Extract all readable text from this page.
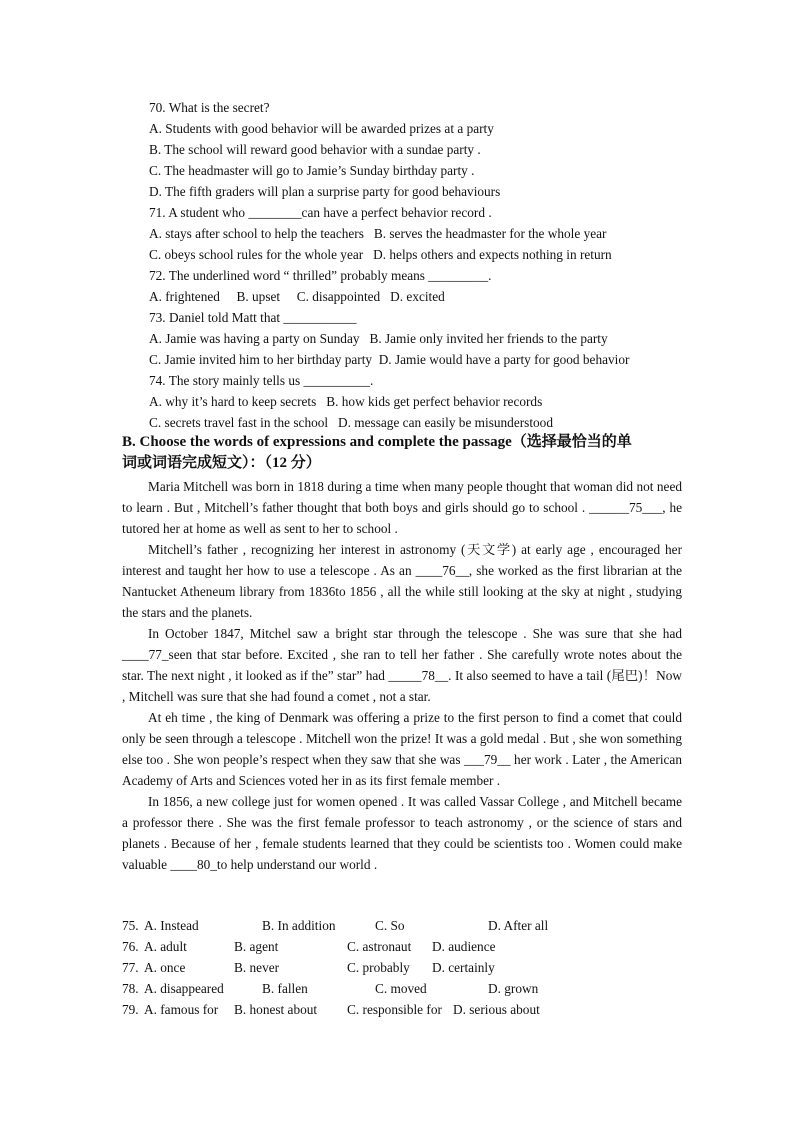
70. What is the secret?
A. Students with good behavior will be awarded prizes at a party
B. The school will reward good behavior with a sundae party .
C. The headmaster will go to Jamie’s Sunday birthday party .
D. The fifth graders will plan a surprise party for good behaviours
71. A student who ________can have a perfect behavior record .
A. stays after school to help the teachers   B. serves the headmaster for the whole year
C. obeys school rules for the whole year   D. helps others and expects nothing in return
72. The underlined word “ thrilled” probably means _________.
A. frightened     B. upset     C. disappointed   D. excited
73. Daniel told Matt that ___________
A. Jamie was having a party on Sunday   B. Jamie only invited her friends to the party
C. Jamie invited him to her birthday party  D. Jamie would have a party for good behavior
74. The story mainly tells us __________.
A. why it’s hard to keep secrets   B. how kids get perfect behavior records
C. secrets travel fast in the school   D. message can easily be misunderstood
B. Choose the words of expressions and complete the passage（选择最恰当的单
词或词语完成短文）：（12 分）

Maria Mitchell was born in 1818 during a time when many people thought that woman did not need to learn . But , Mitchell’s father thought that both boys and girls should go to school . ______75___, he tutored her at home as well as sent to her to school .

Mitchell’s father , recognizing her interest in astronomy (天文学) at early age , encouraged her interest and taught her how to use a telescope . As an ____76__, she worked as the first librarian at the Nantucket Atheneum library from 1836to 1856 , all the while still looking at the sky at night , studying the stars and the planets.

In October 1847, Mitchel saw a bright star through the telescope . She was sure that she had ____77_seen that star before. Excited , she ran to tell her father . She carefully wrote notes about the star. The next night , it looked as if the” star” had _____78__. It also seemed to have a tail (尾巴)！Now , Mitchell was sure that she had found a comet , not a star.

At eh time , the king of Denmark was offering a prize to the first person to find a comet that could only be seen through a telescope . Mitchell won the prize! It was a gold medal . But , she won something else too . She won people’s respect when they saw that she was ___79__ her work . Later , the American Academy of Arts and Sciences voted her in as its first female member .

In 1856, a new college just for women opened . It was called Vassar College , and Mitchell became a professor there . She was the first female professor to teach astronomy , or the science of stars and planets . Because of her , female students learned that they could be scientists too . Women could make valuable ____80_to help understand our world .

75. A. Instead	B. In addition	C. So	D. After all
76. A. adult	B. agent	C. astronaut D. audience
77. A. once	B. never	C. probably D. certainly
78. A. disappeared	B. fallen	C. moved	D. grown
79. A. famous for B. honest about C. responsible for D. serious about
